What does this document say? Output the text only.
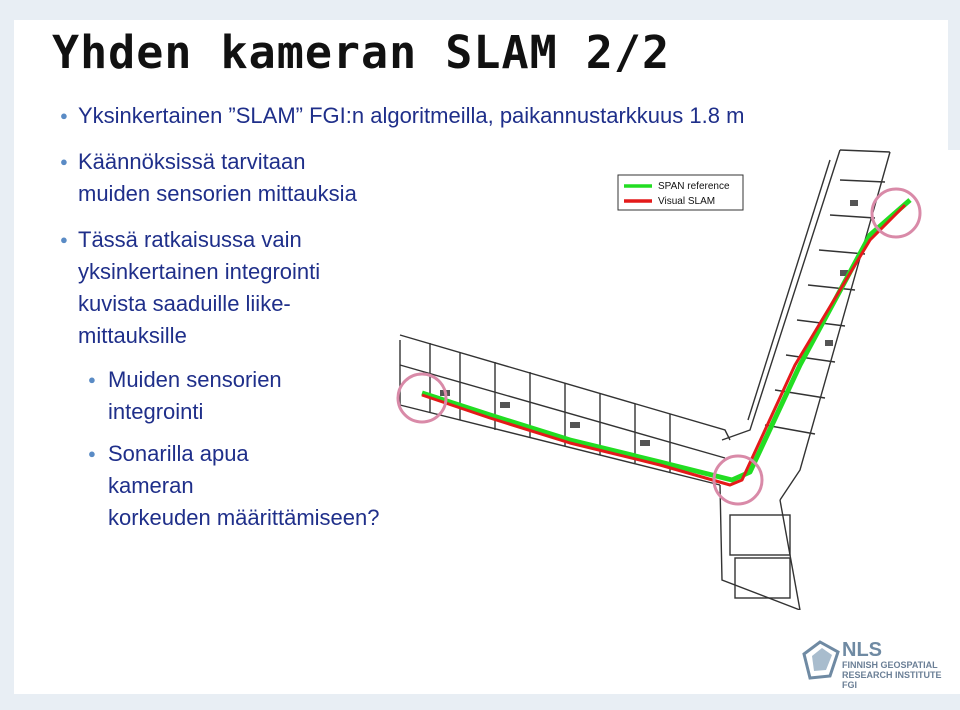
Yhden kameran SLAM 2/2
● Yksinkertainen ”SLAM” FGI:n algoritmeilla, paikannustarkkuus 1.8 m
● Käännöksissä tarvitaan
muiden sensorien mittauksia
● Tässä ratkaisussa vain
yksinkertainen integrointi
kuvista saaduille liike-
mittauksille
● Muiden sensorien
integrointi
● Sonarilla apua
kameran
korkeuden määrittämiseen?
SPAN reference
Visual SLAM
NLS
FINNISH GEOSPATIAL
RESEARCH INSTITUTE
FGI
